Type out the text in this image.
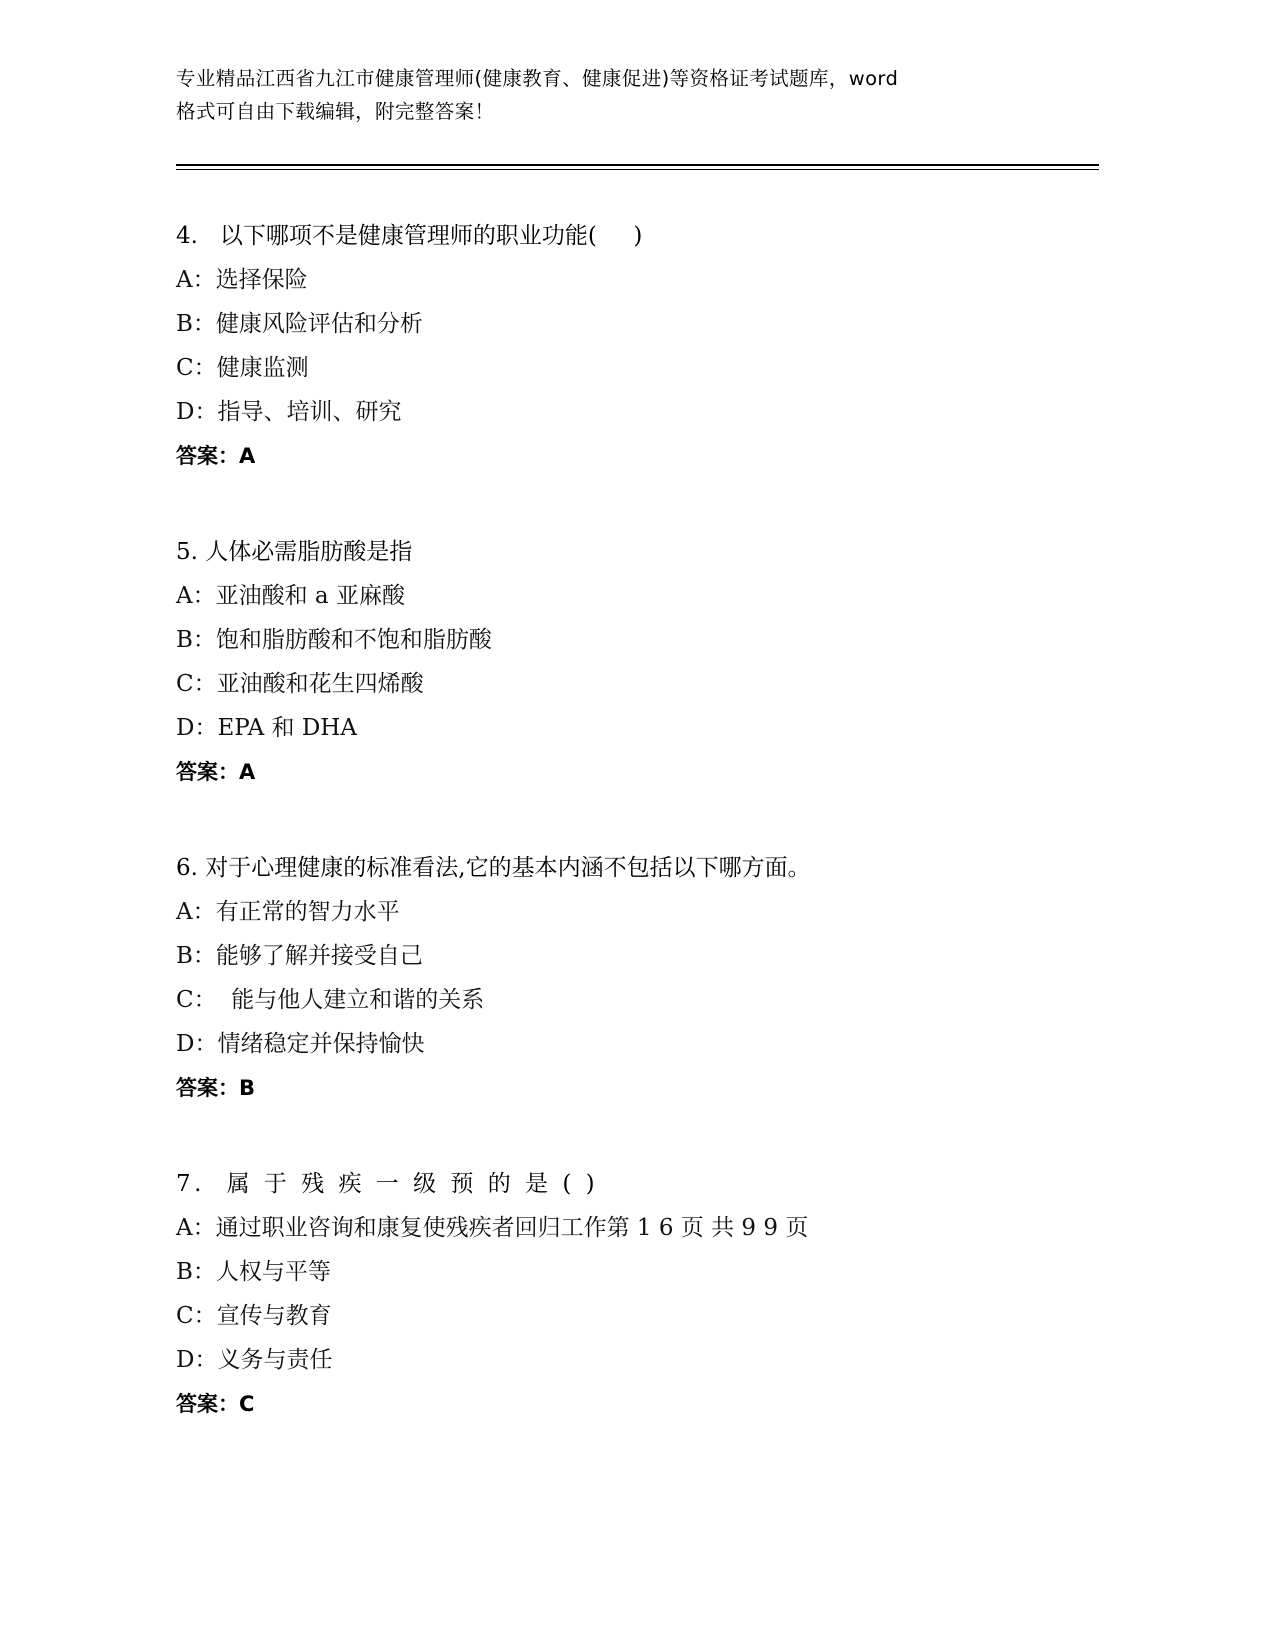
专业精品江西省九江市健康管理师(健康教育、健康促进)等资格证考试题库，word
格式可自由下载编辑，附完整答案！
4.   以下哪项不是健康管理师的职业功能(     )
A：选择保险
B：健康风险评估和分析
C：健康监测
D：指导、培训、研究
答案：A
5. 人体必需脂肪酸是指
A：亚油酸和 a 亚麻酸
B：饱和脂肪酸和不饱和脂肪酸
C：亚油酸和花生四烯酸
D：EPA 和 DHA
答案：A
6. 对于心理健康的标准看法,它的基本内涵不包括以下哪方面。
A：有正常的智力水平
B：能够了解并接受自己
C：  能与他人建立和谐的关系
D：情绪稳定并保持愉快
答案：B
7.  属 于 残 疾 一 级 预 的 是 ( )
A：通过职业咨询和康复使残疾者回归工作第 1 6 页 共 9 9 页
B：人权与平等
C：宣传与教育
D：义务与责任
答案：C
